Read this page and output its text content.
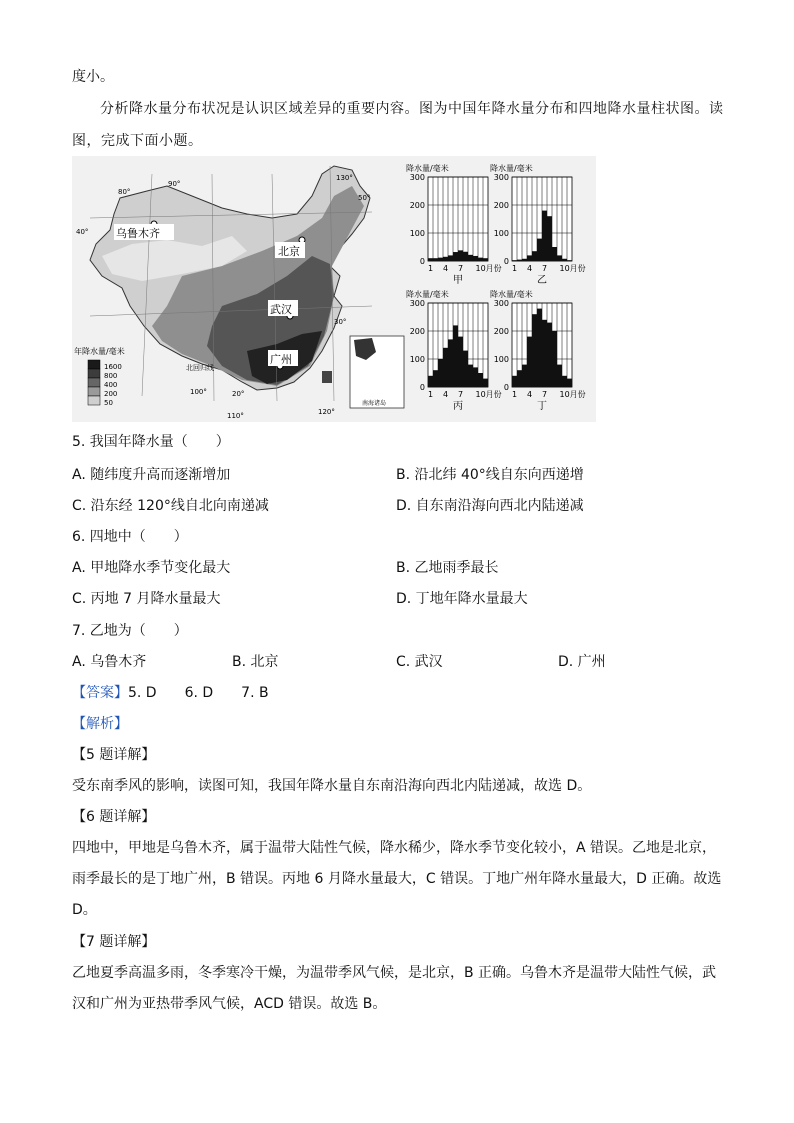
度小。
分析降水量分布状况是认识区域差异的重要内容。图为中国年降水量分布和四地降水量柱状图。读
图，完成下面小题。
乌鲁木齐
北京
武汉
广州
80°
90°
100°
110°	120°
130°
20°
30°
40°
50°
北回归线
南海诸岛
年降水量/毫米
1600
800
400
200
50
0
100
200
300
1 4 7 10月份
降水量/毫米
甲
0
100
200
300
1 4 7 10月份
降水量/毫米
乙
0
100
200
300
1 4 7 10月份
降水量/毫米
丙
0
100
200
300
1 4 7 10月份
降水量/毫米
丁
5. 我国年降水量（　　）
A. 随纬度升高而逐渐增加	B. 沿北纬 40°线自东向西递增
C. 沿东经 120°线自北向南递减	D. 自东南沿海向西北内陆递减
6. 四地中（　　）
A. 甲地降水季节变化最大	B. 乙地雨季最长
C. 丙地 7 月降水量最大	D. 丁地年降水量最大
7. 乙地为（　　）
A. 乌鲁木齐	B. 北京	C. 武汉	D. 广州
【答案】5. D　　6. D　　7. B
【解析】
【5 题详解】
受东南季风的影响，读图可知，我国年降水量自东南沿海向西北内陆递减，故选 D。
【6 题详解】
四地中，甲地是乌鲁木齐，属于温带大陆性气候，降水稀少，降水季节变化较小，A 错误。乙地是北京，
雨季最长的是丁地广州，B 错误。丙地 6 月降水量最大，C 错误。丁地广州年降水量最大，D 正确。故选
D。
【7 题详解】
乙地夏季高温多雨，冬季寒冷干燥，为温带季风气候，是北京，B 正确。乌鲁木齐是温带大陆性气候，武
汉和广州为亚热带季风气候，ACD 错误。故选 B。
